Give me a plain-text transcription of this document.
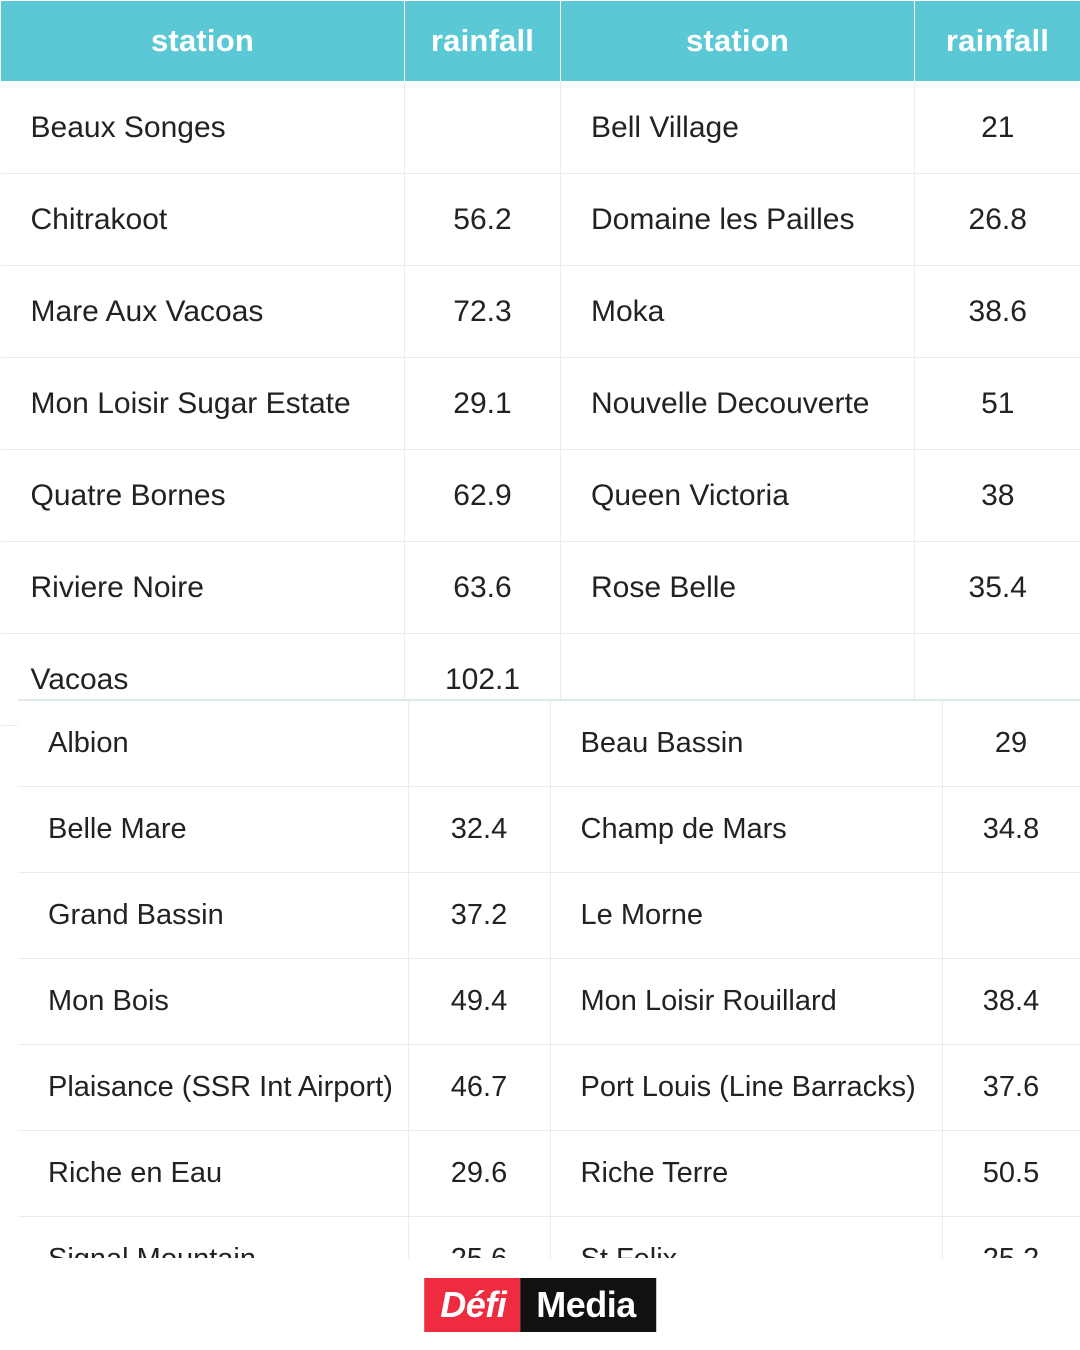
station	rainfall	station	rainfall
Beaux Songes		Bell Village	21
Chitrakoot	56.2	Domaine les Pailles	26.8
Mare Aux Vacoas	72.3	Moka	38.6
Mon Loisir Sugar Estate	29.1	Nouvelle Decouverte	51
Quatre Bornes	62.9	Queen Victoria	38
Riviere Noire	63.6	Rose Belle	35.4
Vacoas	102.1		
Albion		Beau Bassin	29
Belle Mare	32.4	Champ de Mars	34.8
Grand Bassin	37.2	Le Morne	
Mon Bois	49.4	Mon Loisir Rouillard	38.4
Plaisance (SSR Int Airport)	46.7	Port Louis (Line Barracks)	37.6
Riche en Eau	29.6	Riche Terre	50.5

Défi Media
